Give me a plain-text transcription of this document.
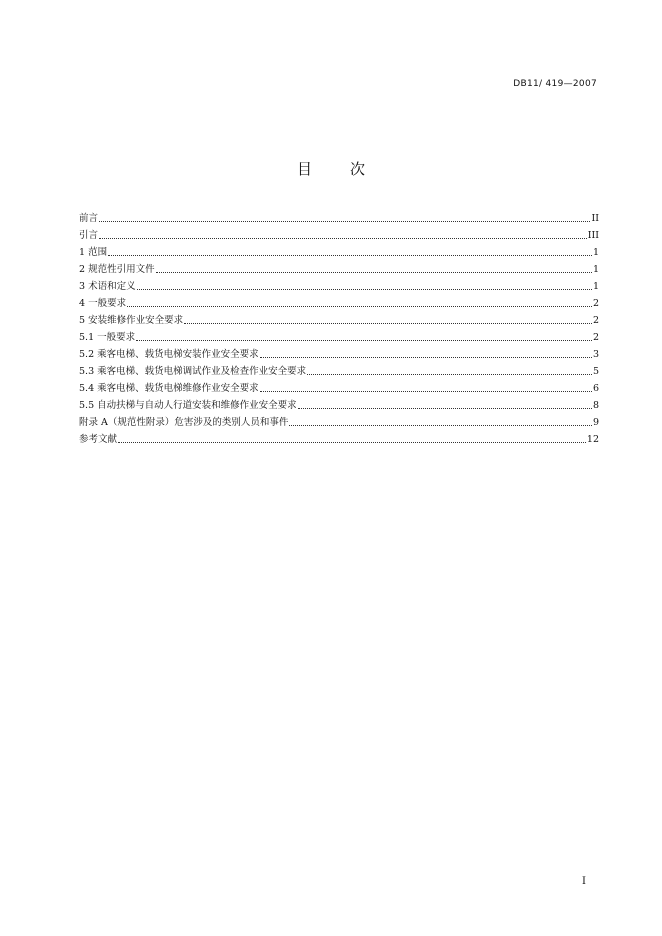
DB11/ 419—2007
目次
前言	II
引言	III
1 范围	1
2 规范性引用文件	1
3 术语和定义	1
4 一般要求	2
5 安装维修作业安全要求	2
5.1 一般要求	2
5.2 乘客电梯、载货电梯安装作业安全要求	3
5.3 乘客电梯、载货电梯调试作业及检查作业安全要求	5
5.4 乘客电梯、载货电梯维修作业安全要求	6
5.5 自动扶梯与自动人行道安装和维修作业安全要求	8
附录 A（规范性附录）危害涉及的类别人员和事件	9
参考文献	12
I
